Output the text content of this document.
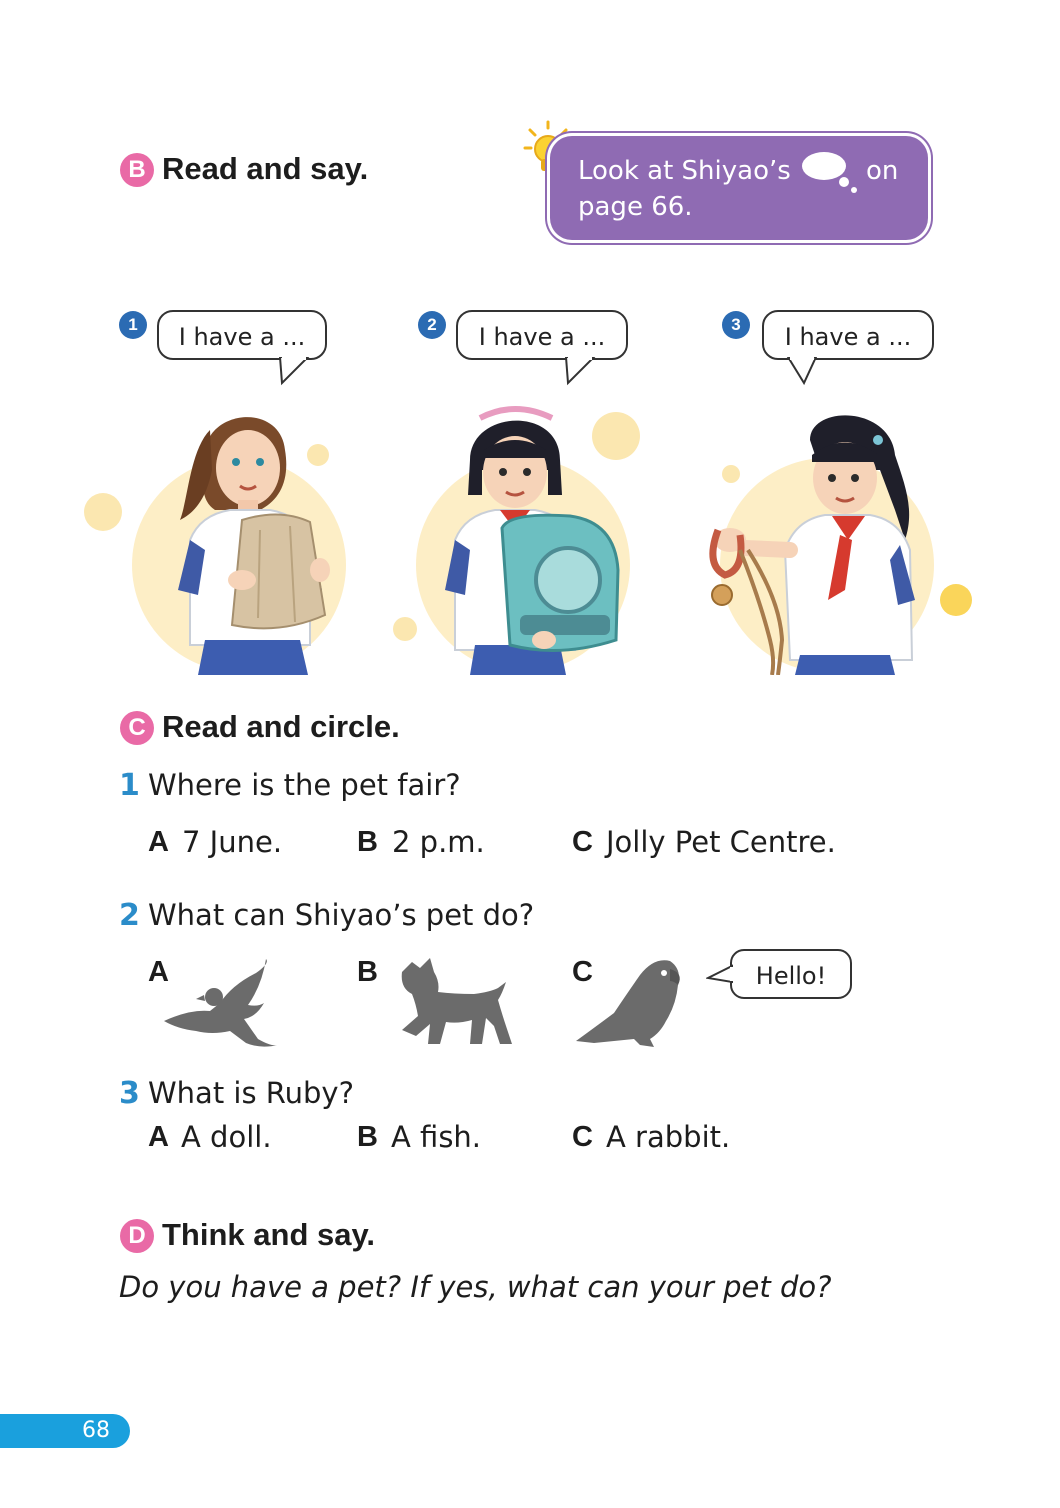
B Read and say.	Look at Shiyao’s	on
page 66.
1	I have a ...	2	I have a ...	3	I have a ...
C Read and circle.
1 Where is the pet fair?
A 7 June.	B 2 p.m.	C Jolly Pet Centre.
2 What can Shiyao’s pet do?
A	B	C	Hello!
3 What is Ruby?
A A doll.	B A fish.	C A rabbit.
D Think and say.
Do you have a pet? If yes, what can your pet do?
68
